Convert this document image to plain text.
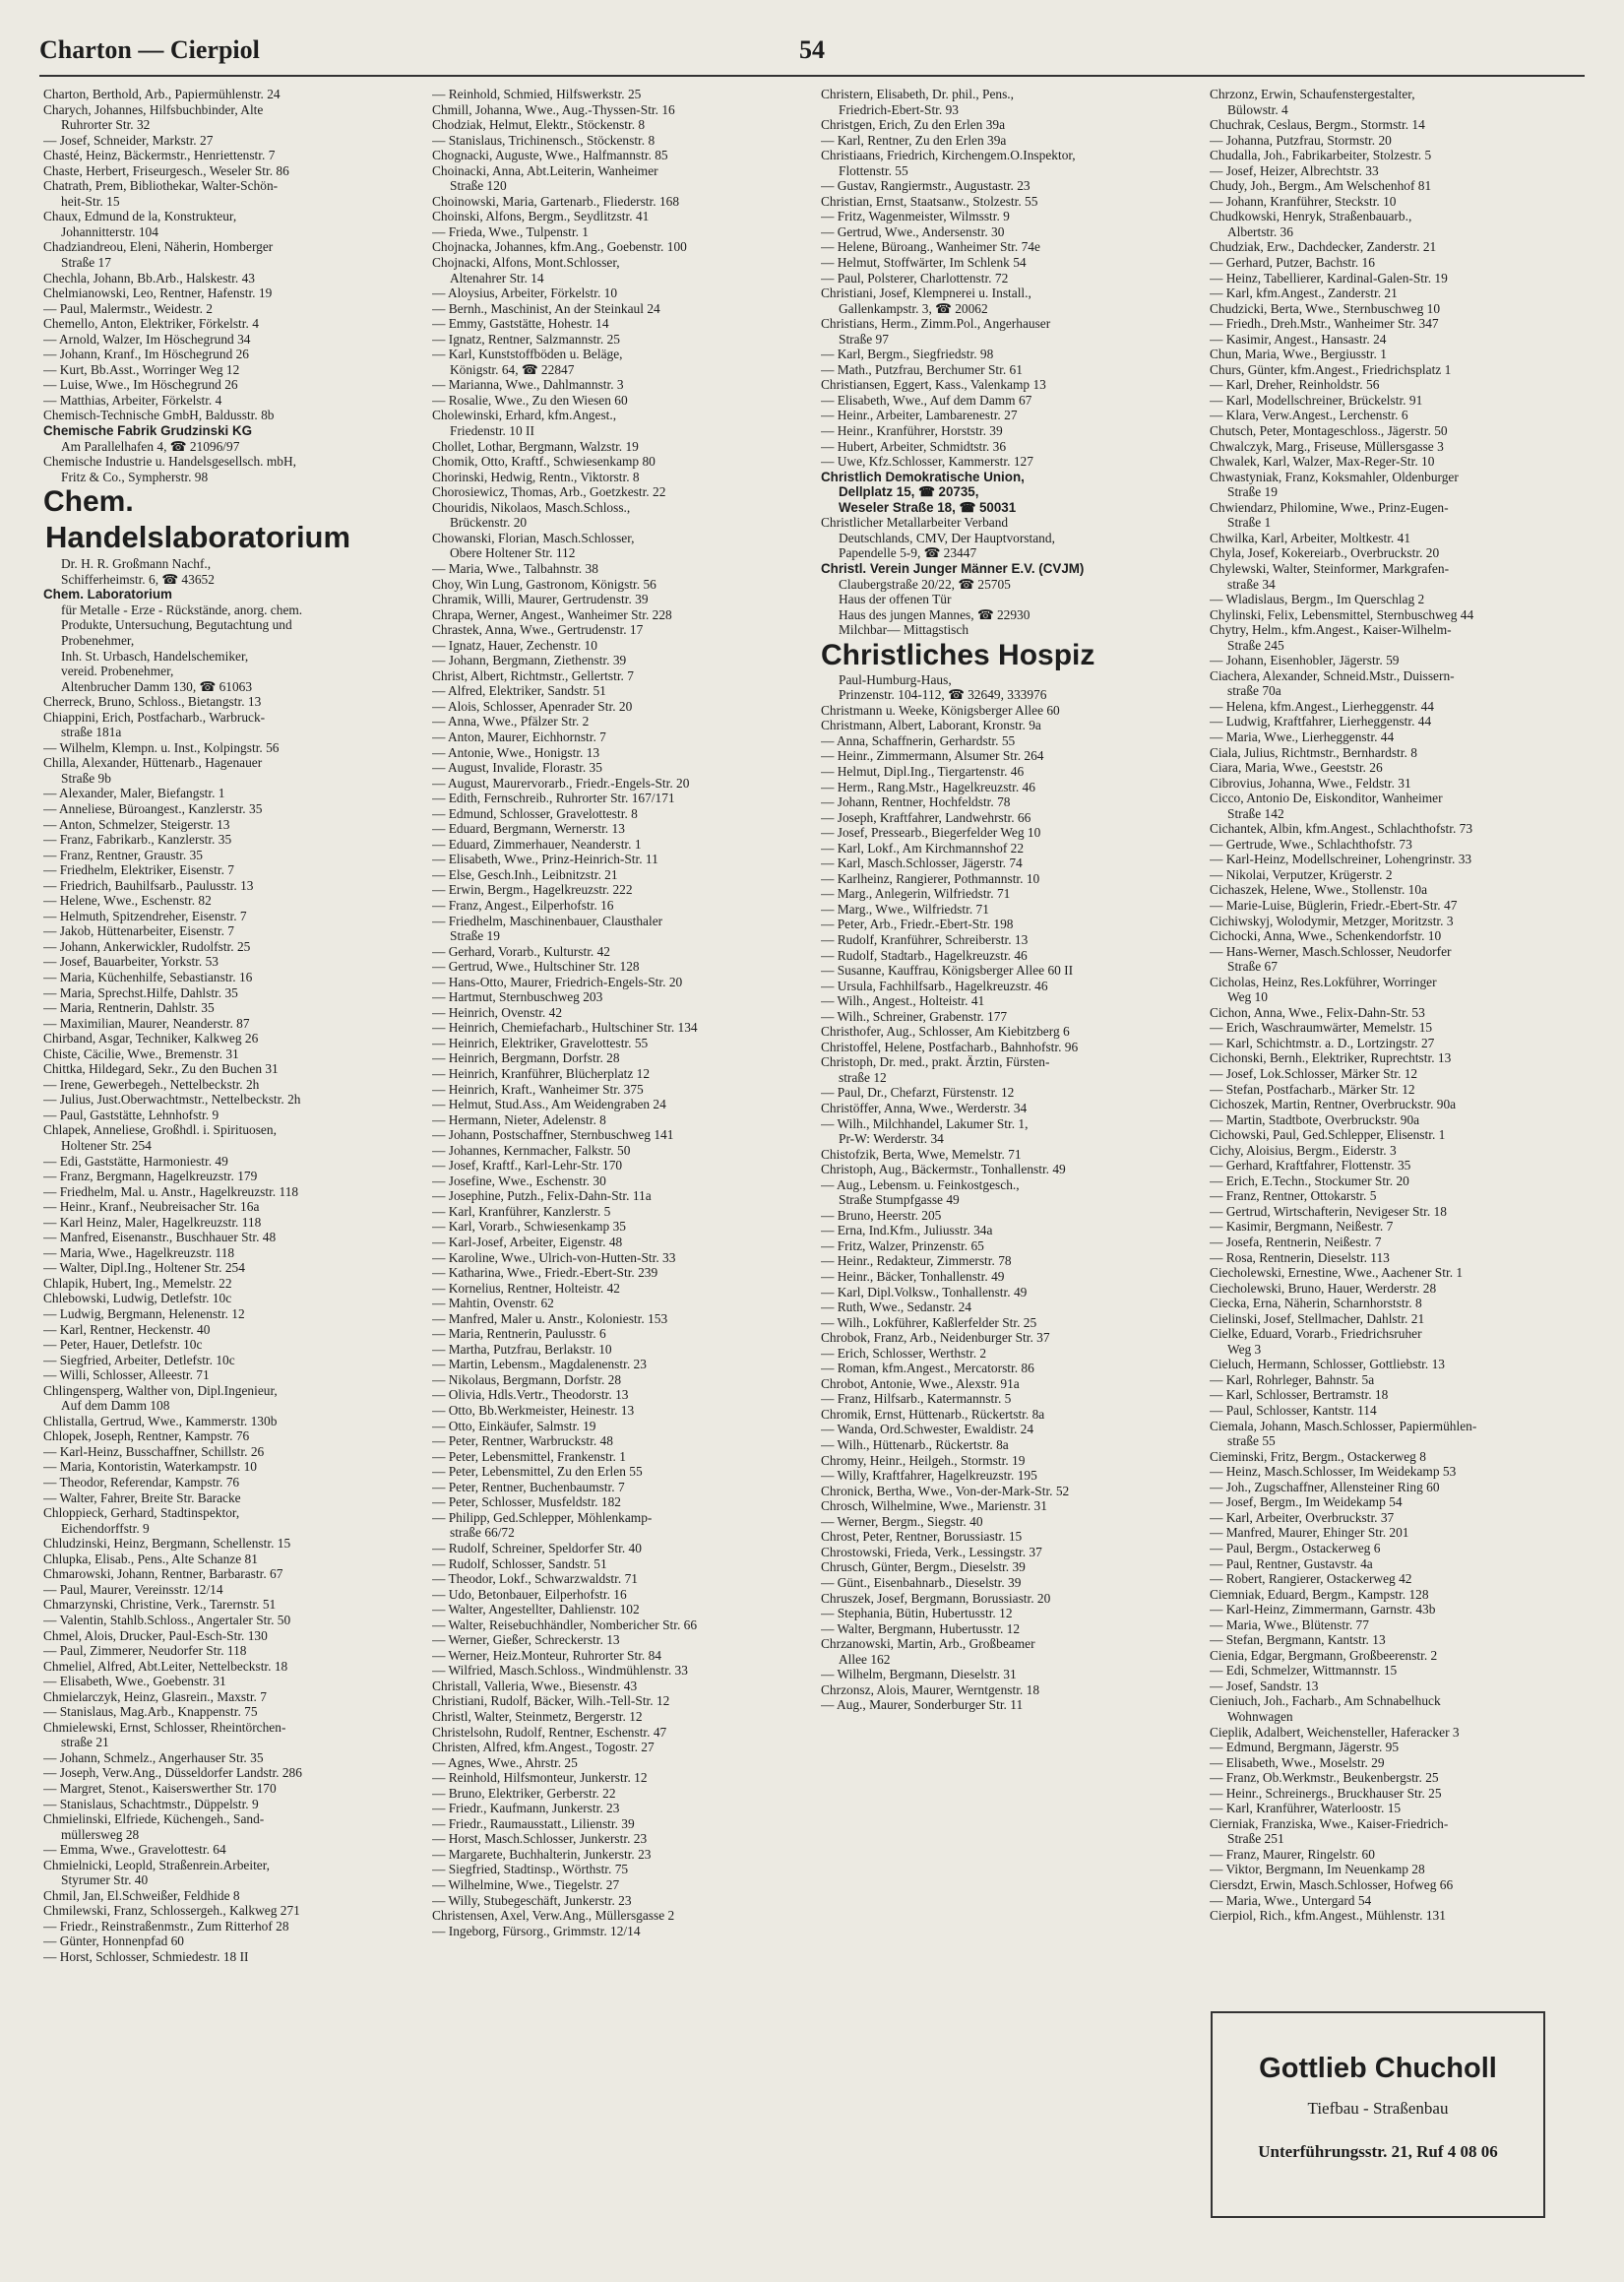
Charton — Cierpiol	54
Charton, Berthold, Arb., Papiermühlenstr. 24
Charych, Johannes, Hilfsbuchbinder, Alte
Ruhrorter Str. 32
— Josef, Schneider, Markstr. 27
Chasté, Heinz, Bäckermstr., Henriettenstr. 7
Chaste, Herbert, Friseurgesch., Weseler Str. 86
Chatrath, Prem, Bibliothekar, Walter-Schön-
heit-Str. 15
Chaux, Edmund de la, Konstrukteur,
Johannitterstr. 104
Chadziandreou, Eleni, Näherin, Homberger
Straße 17
Chechla, Johann, Bb.Arb., Halskestr. 43
Chelmianowski, Leo, Rentner, Hafenstr. 19
— Paul, Malermstr., Weidestr. 2
Chemello, Anton, Elektriker, Förkelstr. 4
— Arnold, Walzer, Im Höschegrund 34
— Johann, Kranf., Im Höschegrund 26
— Kurt, Bb.Asst., Worringer Weg 12
— Luise, Wwe., Im Höschegrund 26
— Matthias, Arbeiter, Förkelstr. 4
Chemisch-Technische GmbH, Baldusstr. 8b
Chemische Fabrik Grudzinski KG
Am Parallelhafen 4, ☎ 21096/97
Chemische Industrie u. Handelsgesellsch. mbH,
Fritz & Co., Sympherstr. 98
Chem.
Handelslaboratorium
Dr. H. R. Großmann Nachf.,
Schifferheimstr. 6, ☎ 43652
Chem. Laboratorium
für Metalle - Erze - Rückstände, anorg. chem.
Produkte, Untersuchung, Begutachtung und
Probenehmer,
Inh. St. Urbasch, Handelschemiker,
vereid. Probenehmer,
Altenbrucher Damm 130, ☎ 61063
Cherreck, Bruno, Schloss., Bietangstr. 13
Chiappini, Erich, Postfacharb., Warbruck-
straße 181a
— Wilhelm, Klempn. u. Inst., Kolpingstr. 56
Chilla, Alexander, Hüttenarb., Hagenauer
Straße 9b
— Alexander, Maler, Biefangstr. 1
— Anneliese, Büroangest., Kanzlerstr. 35
— Anton, Schmelzer, Steigerstr. 13
— Franz, Fabrikarb., Kanzlerstr. 35
— Franz, Rentner, Graustr. 35
— Friedhelm, Elektriker, Eisenstr. 7
— Friedrich, Bauhilfsarb., Paulusstr. 13
— Helene, Wwe., Eschenstr. 82
— Helmuth, Spitzendreher, Eisenstr. 7
— Jakob, Hüttenarbeiter, Eisenstr. 7
— Johann, Ankerwickler, Rudolfstr. 25
— Josef, Bauarbeiter, Yorkstr. 53
— Maria, Küchenhilfe, Sebastianstr. 16
— Maria, Sprechst.Hilfe, Dahlstr. 35
— Maria, Rentnerin, Dahlstr. 35
— Maximilian, Maurer, Neanderstr. 87
Chirband, Asgar, Techniker, Kalkweg 26
Chiste, Cäcilie, Wwe., Bremenstr. 31
Chittka, Hildegard, Sekr., Zu den Buchen 31
— Irene, Gewerbegeh., Nettelbeckstr. 2h
— Julius, Just.Oberwachtmstr., Nettelbeckstr. 2h
— Paul, Gaststätte, Lehnhofstr. 9
Chlapek, Anneliese, Großhdl. i. Spirituosen,
Holtener Str. 254
— Edi, Gaststätte, Harmoniestr. 49
— Franz, Bergmann, Hagelkreuzstr. 179
— Friedhelm, Mal. u. Anstr., Hagelkreuzstr. 118
— Heinr., Kranf., Neubreisacher Str. 16a
— Karl Heinz, Maler, Hagelkreuzstr. 118
— Manfred, Eisenanstr., Buschhauer Str. 48
— Maria, Wwe., Hagelkreuzstr. 118
— Walter, Dipl.Ing., Holtener Str. 254
Chlapik, Hubert, Ing., Memelstr. 22
Chlebowski, Ludwig, Detlefstr. 10c
— Ludwig, Bergmann, Helenenstr. 12
— Karl, Rentner, Heckenstr. 40
— Peter, Hauer, Detlefstr. 10c
— Siegfried, Arbeiter, Detlefstr. 10c
— Willi, Schlosser, Alleestr. 71
Chlingensperg, Walther von, Dipl.Ingenieur,
Auf dem Damm 108
Chlistalla, Gertrud, Wwe., Kammerstr. 130b
Chlopek, Joseph, Rentner, Kampstr. 76
— Karl-Heinz, Busschaffner, Schillstr. 26
— Maria, Kontoristin, Waterkampstr. 10
— Theodor, Referendar, Kampstr. 76
— Walter, Fahrer, Breite Str. Baracke
Chloppieck, Gerhard, Stadtinspektor,
Eichendorffstr. 9
Chludzinski, Heinz, Bergmann, Schellenstr. 15
Chlupka, Elisab., Pens., Alte Schanze 81
Chmarowski, Johann, Rentner, Barbarastr. 67
— Paul, Maurer, Vereinsstr. 12/14
Chmarzynski, Christine, Verk., Tarernstr. 51
— Valentin, Stahlb.Schloss., Angertaler Str. 50
Chmel, Alois, Drucker, Paul-Esch-Str. 130
— Paul, Zimmerer, Neudorfer Str. 118
Chmeliel, Alfred, Abt.Leiter, Nettelbeckstr. 18
— Elisabeth, Wwe., Goebenstr. 31
Chmielarczyk, Heinz, Glasreiп., Maxstr. 7
— Stanislaus, Mag.Arb., Knappenstr. 75
Chmielewski, Ernst, Schlosser, Rheintörchen-
straße 21
— Johann, Schmelz., Angerhauser Str. 35
— Joseph, Verw.Ang., Düsseldorfer Landstr. 286
— Margret, Stenot., Kaiserswerther Str. 170
— Stanislaus, Schachtmstr., Düppelstr. 9
Chmielinski, Elfriede, Küchengeh., Sand-
müllersweg 28
— Emma, Wwe., Gravelottestr. 64
Chmielnicki, Leopld, Straßenrein.Arbeiter,
Styrumer Str. 40
Chmil, Jan, El.Schweißer, Feldhide 8
Chmilewski, Franz, Schlossergeh., Kalkweg 271
— Friedr., Reinstraßenmstr., Zum Ritterhof 28
— Günter, Honnenpfad 60
— Horst, Schlosser, Schmiedestr. 18 II
— Reinhold, Schmied, Hilfswerkstr. 25
Chmill, Johanna, Wwe., Aug.-Thyssen-Str. 16
Chodziak, Helmut, Elektr., Stöckenstr. 8
— Stanislaus, Trichinensch., Stöckenstr. 8
Chognacki, Auguste, Wwe., Halfmannstr. 85
Choinacki, Anna, Abt.Leiterin, Wanheimer
Straße 120
Choinowski, Maria, Gartenarb., Fliederstr. 168
Choinski, Alfons, Bergm., Seydlitzstr. 41
— Frieda, Wwe., Tulpenstr. 1
Chojnacka, Johannes, kfm.Ang., Goebenstr. 100
Chojnacki, Alfons, Mont.Schlosser,
Altenahrer Str. 14
— Aloysius, Arbeiter, Förkelstr. 10
— Bernh., Maschinist, An der Steinkaul 24
— Emmy, Gaststätte, Hohestr. 14
— Ignatz, Rentner, Salzmannstr. 25
— Karl, Kunststoffböden u. Beläge,
Königstr. 64, ☎ 22847
— Marianna, Wwe., Dahlmannstr. 3
— Rosalie, Wwe., Zu den Wiesen 60
Cholewinski, Erhard, kfm.Angest.,
Friedenstr. 10 II
Chollet, Lothar, Bergmann, Walzstr. 19
Chomik, Otto, Kraftf., Schwiesenkamp 80
Chorinski, Hedwig, Rentn., Viktorstr. 8
Chorosiewicz, Thomas, Arb., Goetzkestr. 22
Chouridis, Nikolaos, Masch.Schloss.,
Brückenstr. 20
Chowanski, Florian, Masch.Schlosser,
Obere Holtener Str. 112
— Maria, Wwe., Talbahnstr. 38
Choy, Win Lung, Gastronom, Königstr. 56
Chramik, Willi, Maurer, Gertrudenstr. 39
Chrapa, Werner, Angest., Wanheimer Str. 228
Chrastek, Anna, Wwe., Gertrudenstr. 17
— Ignatz, Hauer, Zechenstr. 10
— Johann, Bergmann, Ziethenstr. 39
Christ, Albert, Richtmstr., Gellertstr. 7
— Alfred, Elektriker, Sandstr. 51
— Alois, Schlosser, Apenrader Str. 20
— Anna, Wwe., Pfälzer Str. 2
— Anton, Maurer, Eichhornstr. 7
— Antonie, Wwe., Honigstr. 13
— August, Invalide, Florastr. 35
— August, Maurervorarb., Friedr.-Engels-Str. 20
— Edith, Fernschreib., Ruhrorter Str. 167/171
— Edmund, Schlosser, Gravelottestr. 8
— Eduard, Bergmann, Wernerstr. 13
— Eduard, Zimmerhauer, Neanderstr. 1
— Elisabeth, Wwe., Prinz-Heinrich-Str. 11
— Else, Gesch.Inh., Leibnitzstr. 21
— Erwin, Bergm., Hagelkreuzstr. 222
— Franz, Angest., Eilperhofstr. 16
— Friedhelm, Maschinenbauer, Clausthaler
Straße 19
— Gerhard, Vorarb., Kulturstr. 42
— Gertrud, Wwe., Hultschiner Str. 128
— Hans-Otto, Maurer, Friedrich-Engels-Str. 20
— Hartmut, Sternbuschweg 203
— Heinrich, Ovenstr. 42
— Heinrich, Chemiefacharb., Hultschiner Str. 134
— Heinrich, Elektriker, Gravelottestr. 55
— Heinrich, Bergmann, Dorfstr. 28
— Heinrich, Kranführer, Blücherplatz 12
— Heinrich, Kraft., Wanheimer Str. 375
— Helmut, Stud.Ass., Am Weidengraben 24
— Hermann, Nieter, Adelenstr. 8
— Johann, Postschaffner, Sternbuschweg 141
— Johannes, Kernmacher, Falkstr. 50
— Josef, Kraftf., Karl-Lehr-Str. 170
— Josefine, Wwe., Eschenstr. 30
— Josephine, Putzh., Felix-Dahn-Str. 11a
— Karl, Kranführer, Kanzlerstr. 5
— Karl, Vorarb., Schwiesenkamp 35
— Karl-Josef, Arbeiter, Eigenstr. 48
— Karoline, Wwe., Ulrich-von-Hutten-Str. 33
— Katharina, Wwe., Friedr.-Ebert-Str. 239
— Kornelius, Rentner, Holteistr. 42
— Mahtin, Ovenstr. 62
— Manfred, Maler u. Anstr., Koloniestr. 153
— Maria, Rentnerin, Paulusstr. 6
— Martha, Putzfrau, Berlakstr. 10
— Martin, Lebensm., Magdalenenstr. 23
— Nikolaus, Bergmann, Dorfstr. 28
— Olivia, Hdls.Vertr., Theodorstr. 13
— Otto, Bb.Werkmeister, Heinestr. 13
— Otto, Einkäufer, Salmstr. 19
— Peter, Rentner, Warbruckstr. 48
— Peter, Lebensmittel, Frankenstr. 1
— Peter, Lebensmittel, Zu den Erlen 55
— Peter, Rentner, Buchenbaumstr. 7
— Peter, Schlosser, Musfeldstr. 182
— Philipp, Ged.Schlepper, Möhlenkamp-
straße 66/72
— Rudolf, Schreiner, Speldorfer Str. 40
— Rudolf, Schlosser, Sandstr. 51
— Theodor, Lokf., Schwarzwaldstr. 71
— Udo, Betonbauer, Eilperhofstr. 16
— Walter, Angestellter, Dahlienstr. 102
— Walter, Reisebuchhändler, Nombericher Str. 66
— Werner, Gießer, Schreckerstr. 13
— Werner, Heiz.Monteur, Ruhrorter Str. 84
— Wilfried, Masch.Schloss., Windmühlenstr. 33
Christall, Valleria, Wwe., Biesenstr. 43
Christiani, Rudolf, Bäcker, Wilh.-Tell-Str. 12
Christl, Walter, Steinmetz, Bergerstr. 12
Christelsohn, Rudolf, Rentner, Eschenstr. 47
Christen, Alfred, kfm.Angest., Togostr. 27
— Agnes, Wwe., Ahrstr. 25
— Reinhold, Hilfsmonteur, Junkerstr. 12
— Bruno, Elektriker, Gerberstr. 22
— Friedr., Kaufmann, Junkerstr. 23
— Friedr., Raumausstatt., Lilienstr. 39
— Horst, Masch.Schlosser, Junkerstr. 23
— Margarete, Buchhalterin, Junkerstr. 23
— Siegfried, Stadtinsp., Wörthstr. 75
— Wilhelmine, Wwe., Tiegelstr. 27
— Willy, Stubegeschäft, Junkerstr. 23
Christensen, Axel, Verw.Ang., Müllersgasse 2
— Ingeborg, Fürsorg., Grimmstr. 12/14
Christern, Elisabeth, Dr. phil., Pens.,
Friedrich-Ebert-Str. 93
Christgen, Erich, Zu den Erlen 39a
— Karl, Rentner, Zu den Erlen 39a
Christiaans, Friedrich, Kirchengem.O.Inspektor,
Flottenstr. 55
— Gustav, Rangiermstr., Augustastr. 23
Christian, Ernst, Staatsanw., Stolzestr. 55
— Fritz, Wagenmeister, Wilmsstr. 9
— Gertrud, Wwe., Andersenstr. 30
— Helene, Büroang., Wanheimer Str. 74e
— Helmut, Stoffwärter, Im Schlenk 54
— Paul, Polsterer, Charlottenstr. 72
Christiani, Josef, Klempnerei u. Install.,
Gallenkampstr. 3, ☎ 20062
Christians, Herm., Zimm.Pol., Angerhauser
Straße 97
— Karl, Bergm., Siegfriedstr. 98
— Math., Putzfrau, Berchumer Str. 61
Christiansen, Eggert, Kass., Valenkamp 13
— Elisabeth, Wwe., Auf dem Damm 67
— Heinr., Arbeiter, Lambarenestr. 27
— Heinr., Kranführer, Horststr. 39
— Hubert, Arbeiter, Schmidtstr. 36
— Uwe, Kfz.Schlosser, Kammerstr. 127
Christlich Demokratische Union,
Dellplatz 15, ☎ 20735,
Weseler Straße 18, ☎ 50031
Christlicher Metallarbeiter Verband
Deutschlands, CMV, Der Hauptvorstand,
Papendelle 5-9, ☎ 23447
Christl. Verein Junger Männer E.V. (CVJM)
Claubergstraße 20/22, ☎ 25705
Haus der offenen Tür
Haus des jungen Mannes, ☎ 22930
Milchbar— Mittagstisch
Christliches Hospiz
Paul-Humburg-Haus,
Prinzenstr. 104-112, ☎ 32649, 333976
Christmann u. Weeke, Königsberger Allee 60
Christmann, Albert, Laborant, Kronstr. 9a
— Anna, Schaffnerin, Gerhardstr. 55
— Heinr., Zimmermann, Alsumer Str. 264
— Helmut, Dipl.Ing., Tiergartenstr. 46
— Herm., Rang.Mstr., Hagelkreuzstr. 46
— Johann, Rentner, Hochfeldstr. 78
— Joseph, Kraftfahrer, Landwehrstr. 66
— Josef, Pressearb., Biegerfelder Weg 10
— Karl, Lokf., Am Kirchmannshof 22
— Karl, Masch.Schlosser, Jägerstr. 74
— Karlheinz, Rangierer, Pothmannstr. 10
— Marg., Anlegerin, Wilfriedstr. 71
— Marg., Wwe., Wilfriedstr. 71
— Peter, Arb., Friedr.-Ebert-Str. 198
— Rudolf, Kranführer, Schreiberstr. 13
— Rudolf, Stadtarb., Hagelkreuzstr. 46
— Susanne, Kauffrau, Königsberger Allee 60 II
— Ursula, Fachhilfsarb., Hagelkreuzstr. 46
— Wilh., Angest., Holteistr. 41
— Wilh., Schreiner, Grabenstr. 177
Christhofer, Aug., Schlosser, Am Kiebitzberg 6
Christoffel, Helene, Postfacharb., Bahnhofstr. 96
Christoph, Dr. med., prakt. Ärztin, Fürsten-
straße 12
— Paul, Dr., Chefarzt, Fürstenstr. 12
Christöffer, Anna, Wwe., Werderstr. 34
— Wilh., Milchhandel, Lakumer Str. 1,
Pr-W: Werderstr. 34
Chistofzik, Berta, Wwe, Memelstr. 71
Christoph, Aug., Bäckermstr., Tonhallenstr. 49
— Aug., Lebensm. u. Feinkostgesch.,
Straße Stumpfgasse 49
— Bruno, Heerstr. 205
— Erna, Ind.Kfm., Juliusstr. 34a
— Fritz, Walzer, Prinzenstr. 65
— Heinr., Redakteur, Zimmerstr. 78
— Heinr., Bäcker, Tonhallenstr. 49
— Karl, Dipl.Volksw., Tonhallenstr. 49
— Ruth, Wwe., Sedanstr. 24
— Wilh., Lokführer, Kaßlerfelder Str. 25
Chrobok, Franz, Arb., Neidenburger Str. 37
— Erich, Schlosser, Werthstr. 2
— Roman, kfm.Angest., Mercatorstr. 86
Chrobot, Antonie, Wwe., Alexstr. 91a
— Franz, Hilfsarb., Katermannstr. 5
Chromik, Ernst, Hüttenarb., Rückertstr. 8a
— Wanda, Ord.Schwester, Ewaldistr. 24
— Wilh., Hüttenarb., Rückertstr. 8a
Chromy, Heinr., Heilgeh., Stormstr. 19
— Willy, Kraftfahrer, Hagelkreuzstr. 195
Chronick, Bertha, Wwe., Von-der-Mark-Str. 52
Chrosch, Wilhelmine, Wwe., Marienstr. 31
— Werner, Bergm., Siegstr. 40
Chrost, Peter, Rentner, Borussiastr. 15
Chrostowski, Frieda, Verk., Lessingstr. 37
Chrusch, Günter, Bergm., Dieselstr. 39
— Günt., Eisenbahnarb., Dieselstr. 39
Chruszek, Josef, Bergmann, Borussiastr. 20
— Stephania, Bütin, Hubertusstr. 12
— Walter, Bergmann, Hubertusstr. 12
Chrzanowski, Martin, Arb., Großbeamer
Allee 162
— Wilhelm, Bergmann, Dieselstr. 31
Chrzonsz, Alois, Maurer, Werntgenstr. 18
— Aug., Maurer, Sonderburger Str. 11
Chrzonz, Erwin, Schaufenstergestalter,
Bülowstr. 4
Chuchrak, Ceslaus, Bergm., Stormstr. 14
— Johanna, Putzfrau, Stormstr. 20
Chudalla, Joh., Fabrikarbeiter, Stolzestr. 5
— Josef, Heizer, Albrechtstr. 33
Chudy, Joh., Bergm., Am Welschenhof 81
— Johann, Kranführer, Steckstr. 10
Chudkowski, Henryk, Straßenbauarb.,
Albertstr. 36
Chudziak, Erw., Dachdecker, Zanderstr. 21
— Gerhard, Putzer, Bachstr. 16
— Heinz, Tabellierer, Kardinal-Galen-Str. 19
— Karl, kfm.Angest., Zanderstr. 21
Chudzicki, Berta, Wwe., Sternbuschweg 10
— Friedh., Dreh.Mstr., Wanheimer Str. 347
— Kasimir, Angest., Hansastr. 24
Chun, Maria, Wwe., Bergiusstr. 1
Churs, Günter, kfm.Angest., Friedrichsplatz 1
— Karl, Dreher, Reinholdstr. 56
— Karl, Modellschreiner, Brückelstr. 91
— Klara, Verw.Angest., Lerchenstr. 6
Chutsch, Peter, Montageschloss., Jägerstr. 50
Chwalczyk, Marg., Friseuse, Müllersgasse 3
Chwalek, Karl, Walzer, Max-Reger-Str. 10
Chwastyniak, Franz, Koksmahler, Oldenburger
Straße 19
Chwiendarz, Philomine, Wwe., Prinz-Eugen-
Straße 1
Chwilka, Karl, Arbeiter, Moltkestr. 41
Chyla, Josef, Kokereiarb., Overbruckstr. 20
Chylewski, Walter, Steinformer, Markgrafen-
straße 34
— Wladislaus, Bergm., Im Querschlag 2
Chylinski, Felix, Lebensmittel, Sternbuschweg 44
Chytry, Helm., kfm.Angest., Kaiser-Wilhelm-
Straße 245
— Johann, Eisenhobler, Jägerstr. 59
Ciachera, Alexander, Schneid.Mstr., Duissern-
straße 70a
— Helena, kfm.Angest., Lierheggenstr. 44
— Ludwig, Kraftfahrer, Lierheggenstr. 44
— Maria, Wwe., Lierheggenstr. 44
Ciala, Julius, Richtmstr., Bernhardstr. 8
Ciara, Maria, Wwe., Geeststr. 26
Cibrovius, Johanna, Wwe., Feldstr. 31
Cicco, Antonio De, Eiskonditor, Wanheimer
Straße 142
Cichantek, Albin, kfm.Angest., Schlachthofstr. 73
— Gertrude, Wwe., Schlachthofstr. 73
— Karl-Heinz, Modellschreiner, Lohengrinstr. 33
— Nikolai, Verputzer, Krügerstr. 2
Cichaszek, Helene, Wwe., Stollenstr. 10a
— Marie-Luise, Büglerin, Friedr.-Ebert-Str. 47
Cichiwskyj, Wolodymir, Metzger, Moritzstr. 3
Cichocki, Anna, Wwe., Schenkendorfstr. 10
— Hans-Werner, Masch.Schlosser, Neudorfer
Straße 67
Cicholas, Heinz, Res.Lokführer, Worringer
Weg 10
Cichon, Anna, Wwe., Felix-Dahn-Str. 53
— Erich, Waschraumwärter, Memelstr. 15
— Karl, Schichtmstr. a. D., Lortzingstr. 27
Cichonski, Bernh., Elektriker, Ruprechtstr. 13
— Josef, Lok.Schlosser, Märker Str. 12
— Stefan, Postfacharb., Märker Str. 12
Cichoszek, Martin, Rentner, Overbruckstr. 90a
— Martin, Stadtbote, Overbruckstr. 90a
Cichowski, Paul, Ged.Schlepper, Elisenstr. 1
Cichy, Aloisius, Bergm., Eiderstr. 3
— Gerhard, Kraftfahrer, Flottenstr. 35
— Erich, E.Techn., Stockumer Str. 20
— Franz, Rentner, Ottokarstr. 5
— Gertrud, Wirtschafterin, Nevigeser Str. 18
— Kasimir, Bergmann, Neißestr. 7
— Josefa, Rentnerin, Neißestr. 7
— Rosa, Rentnerin, Dieselstr. 113
Ciecholewski, Ernestine, Wwe., Aachener Str. 1
Ciecholewski, Bruno, Hauer, Werderstr. 28
Ciecka, Erna, Näherin, Scharnhorststr. 8
Cielinski, Josef, Stellmacher, Dahlstr. 21
Cielke, Eduard, Vorarb., Friedrichsruher
Weg 3
Cieluch, Hermann, Schlosser, Gottliebstr. 13
— Karl, Rohrleger, Bahnstr. 5a
— Karl, Schlosser, Bertramstr. 18
— Paul, Schlosser, Kantstr. 114
Ciemala, Johann, Masch.Schlosser, Papiermühlen-
straße 55
Cieminski, Fritz, Bergm., Ostackerweg 8
— Heinz, Masch.Schlosser, Im Weidekamp 53
— Joh., Zugschaffner, Allensteiner Ring 60
— Josef, Bergm., Im Weidekamp 54
— Karl, Arbeiter, Overbruckstr. 37
— Manfred, Maurer, Ehinger Str. 201
— Paul, Bergm., Ostackerweg 6
— Paul, Rentner, Gustavstr. 4a
— Robert, Rangierer, Ostackerweg 42
Ciemniak, Eduard, Bergm., Kampstr. 128
— Karl-Heinz, Zimmermann, Garnstr. 43b
— Maria, Wwe., Blütenstr. 77
— Stefan, Bergmann, Kantstr. 13
Cienia, Edgar, Bergmann, Großbeerenstr. 2
— Edi, Schmelzer, Wittmannstr. 15
— Josef, Sandstr. 13
Cieniuch, Joh., Facharb., Am Schnabelhuck
Wohnwagen
Cieplik, Adalbert, Weichensteller, Haferacker 3
— Edmund, Bergmann, Jägerstr. 95
— Elisabeth, Wwe., Moselstr. 29
— Franz, Ob.Werkmstr., Beukenbergstr. 25
— Heinr., Schreinergs., Bruckhauser Str. 25
— Karl, Kranführer, Waterloostr. 15
Cierniak, Franziska, Wwe., Kaiser-Friedrich-
Straße 251
— Franz, Maurer, Ringelstr. 60
— Viktor, Bergmann, Im Neuenkamp 28
Ciersdzt, Erwin, Masch.Schlosser, Hofweg 66
— Maria, Wwe., Untergard 54
Cierpiol, Rich., kfm.Angest., Mühlenstr. 131
Gottlieb Chucholl
Tiefbau - Straßenbau
Unterführungsstr. 21, Ruf 4 08 06
